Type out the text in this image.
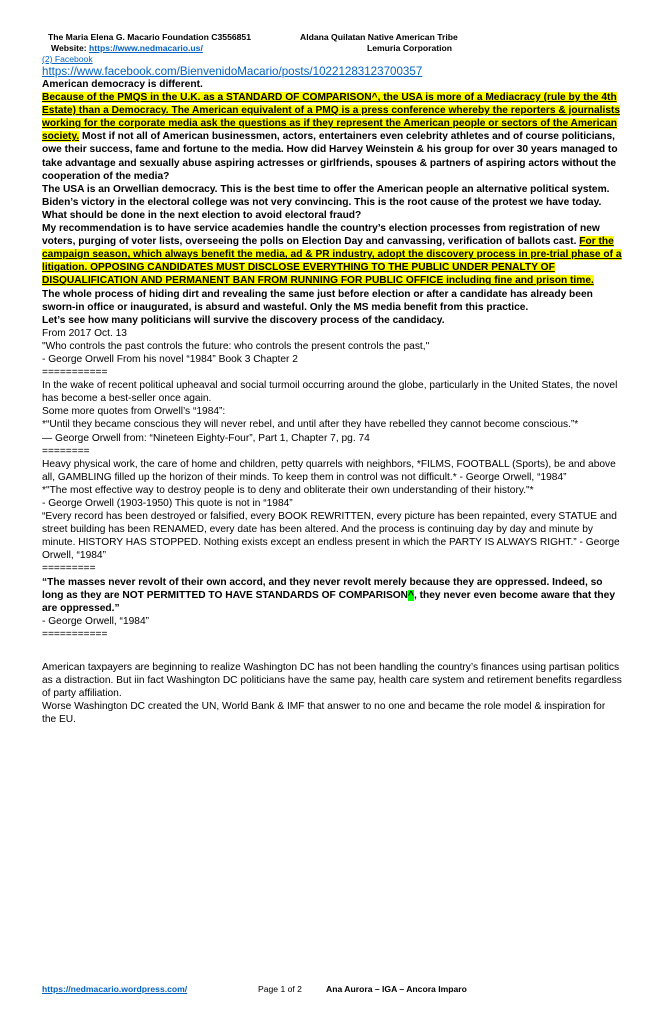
The Maria Elena G. Macario Foundation C3556851
Website: https://www.nedmacario.us/
Aldana Quilatan Native American Tribe
Lemuria Corporation
(2) Facebook
https://www.facebook.com/BienvenidoMacario/posts/10221283123700357

American democracy is different.

Because of the PMQS in the U.K. as a STANDARD OF COMPARISON^, the USA is more of a Mediacracy (rule by the 4th Estate) than a Democracy. The American equivalent of a PMQ is a press conference whereby the reporters & journalists working for the corporate media ask the questions as if they represent the American people or sectors of the American society. Most if not all of American businessmen, actors, entertainers even celebrity athletes and of course politicians, owe their success, fame and fortune to the media. How did Harvey Weinstein & his group for over 30 years managed to take advantage and sexually abuse aspiring actresses or girlfriends, spouses & partners of aspiring actors without the cooperation of the media?

The USA is an Orwellian democracy. This is the best time to offer the American people an alternative political system. Biden’s victory in the electoral college was not very convincing. This is the root cause of the protest we have today. What should be done in the next election to avoid electoral fraud?

My recommendation is to have service academies handle the country’s election processes from registration of new voters, purging of voter lists, overseeing the polls on Election Day and canvassing, verification of ballots cast. For the campaign season, which always benefit the media, ad & PR industry, adopt the discovery process in pre-trial phase of a litigation. OPPOSING CANDIDATES MUST DISCLOSE EVERYTHING TO THE PUBLIC UNDER PENALTY OF DISQUALIFICATION AND PERMANENT BAN FROM RUNNING FOR PUBLIC OFFICE including fine and prison time.

The whole process of hiding dirt and revealing the same just before election or after a candidate has already been sworn-in office or inaugurated, is absurd and wasteful. Only the MS media benefit from this practice.

Let’s see how many politicians will survive the discovery process of the candidacy.

From 2017 Oct. 13

"Who controls the past controls the future: who controls the present controls the past,"

- George Orwell From his novel “1984” Book 3 Chapter 2

===========

In the wake of recent political upheaval and social turmoil occurring around the globe, particularly in the United States, the novel has become a best-seller once again.

Some more quotes from Orwell’s “1984”:

*“Until they became conscious they will never rebel, and until after they have rebelled they cannot become conscious.”*

— George Orwell from: “Nineteen Eighty-Four”, Part 1, Chapter 7, pg. 74

========

Heavy physical work, the care of home and children, petty quarrels with neighbors, *FILMS, FOOTBALL (Sports), be and above all, GAMBLING filled up the horizon of their minds. To keep them in control was not difficult.* - George Orwell, “1984”

*"The most effective way to destroy people is to deny and obliterate their own understanding of their history."*

- George Orwell (1903-1950) This quote is not in “1984”

“Every record has been destroyed or falsified, every BOOK REWRITTEN, every picture has been repainted, every STATUE and street building has been RENAMED, every date has been altered. And the process is continuing day by day and minute by minute. HISTORY HAS STOPPED. Nothing exists except an endless present in which the PARTY IS ALWAYS RIGHT.” - George Orwell, “1984”

=========

“The masses never revolt of their own accord, and they never revolt merely because they are oppressed. Indeed, so long as they are NOT PERMITTED TO HAVE STANDARDS OF COMPARISON^, they never even become aware that they are oppressed.”

- George Orwell, “1984”

===========

American taxpayers are beginning to realize Washington DC has not been handling the country’s finances using partisan politics as a distraction. But iin fact Washington DC politicians have the same pay, health care system and retirement benefits regardless of party affiliation.

Worse Washington DC created the UN, World Bank & IMF that answer to no one and became the role model & inspiration for the EU.

https://nedmacario.wordpress.com/	Page 1 of 2	Ana Aurora – IGA – Ancora Imparo
